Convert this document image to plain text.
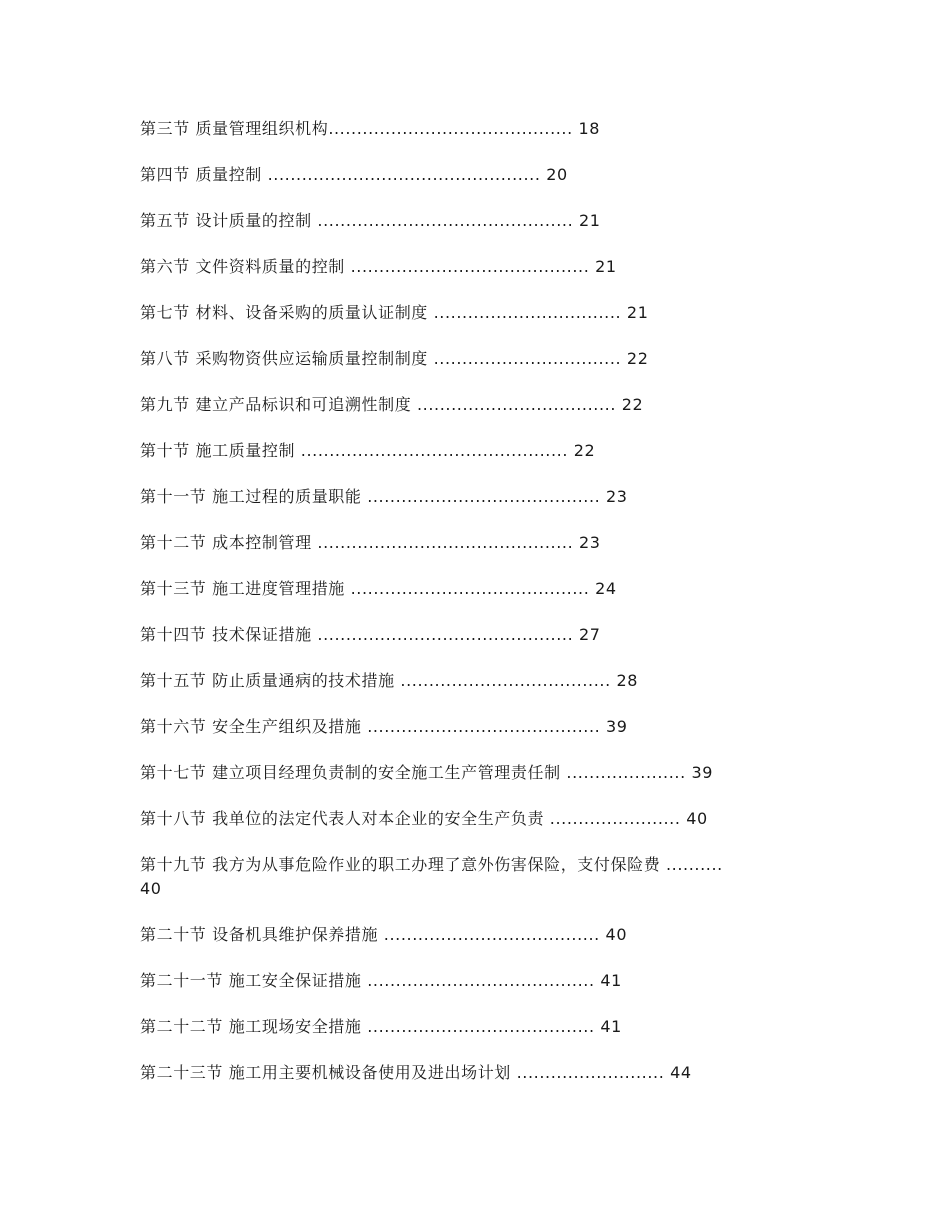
第三节 质量管理组织机构........................................... 18
第四节 质量控制 ................................................ 20
第五节 设计质量的控制 ............................................. 21
第六节 文件资料质量的控制 .......................................... 21
第七节 材料、设备采购的质量认证制度 ................................. 21
第八节 采购物资供应运输质量控制制度 ................................. 22
第九节 建立产品标识和可追溯性制度 ................................... 22
第十节 施工质量控制 ............................................... 22
第十一节 施工过程的质量职能 ......................................... 23
第十二节 成本控制管理 ............................................. 23
第十三节 施工进度管理措施 .......................................... 24
第十四节 技术保证措施 ............................................. 27
第十五节 防止质量通病的技术措施 ..................................... 28
第十六节 安全生产组织及措施 ......................................... 39
第十七节 建立项目经理负责制的安全施工生产管理责任制 ..................... 39
第十八节 我单位的法定代表人对本企业的安全生产负责 ....................... 40
第十九节 我方为从事危险作业的职工办理了意外伤害保险，支付保险费 ..........
40
第二十节 设备机具维护保养措施 ...................................... 40
第二十一节 施工安全保证措施 ........................................ 41
第二十二节 施工现场安全措施 ........................................ 41
第二十三节 施工用主要机械设备使用及进出场计划 .......................... 44
